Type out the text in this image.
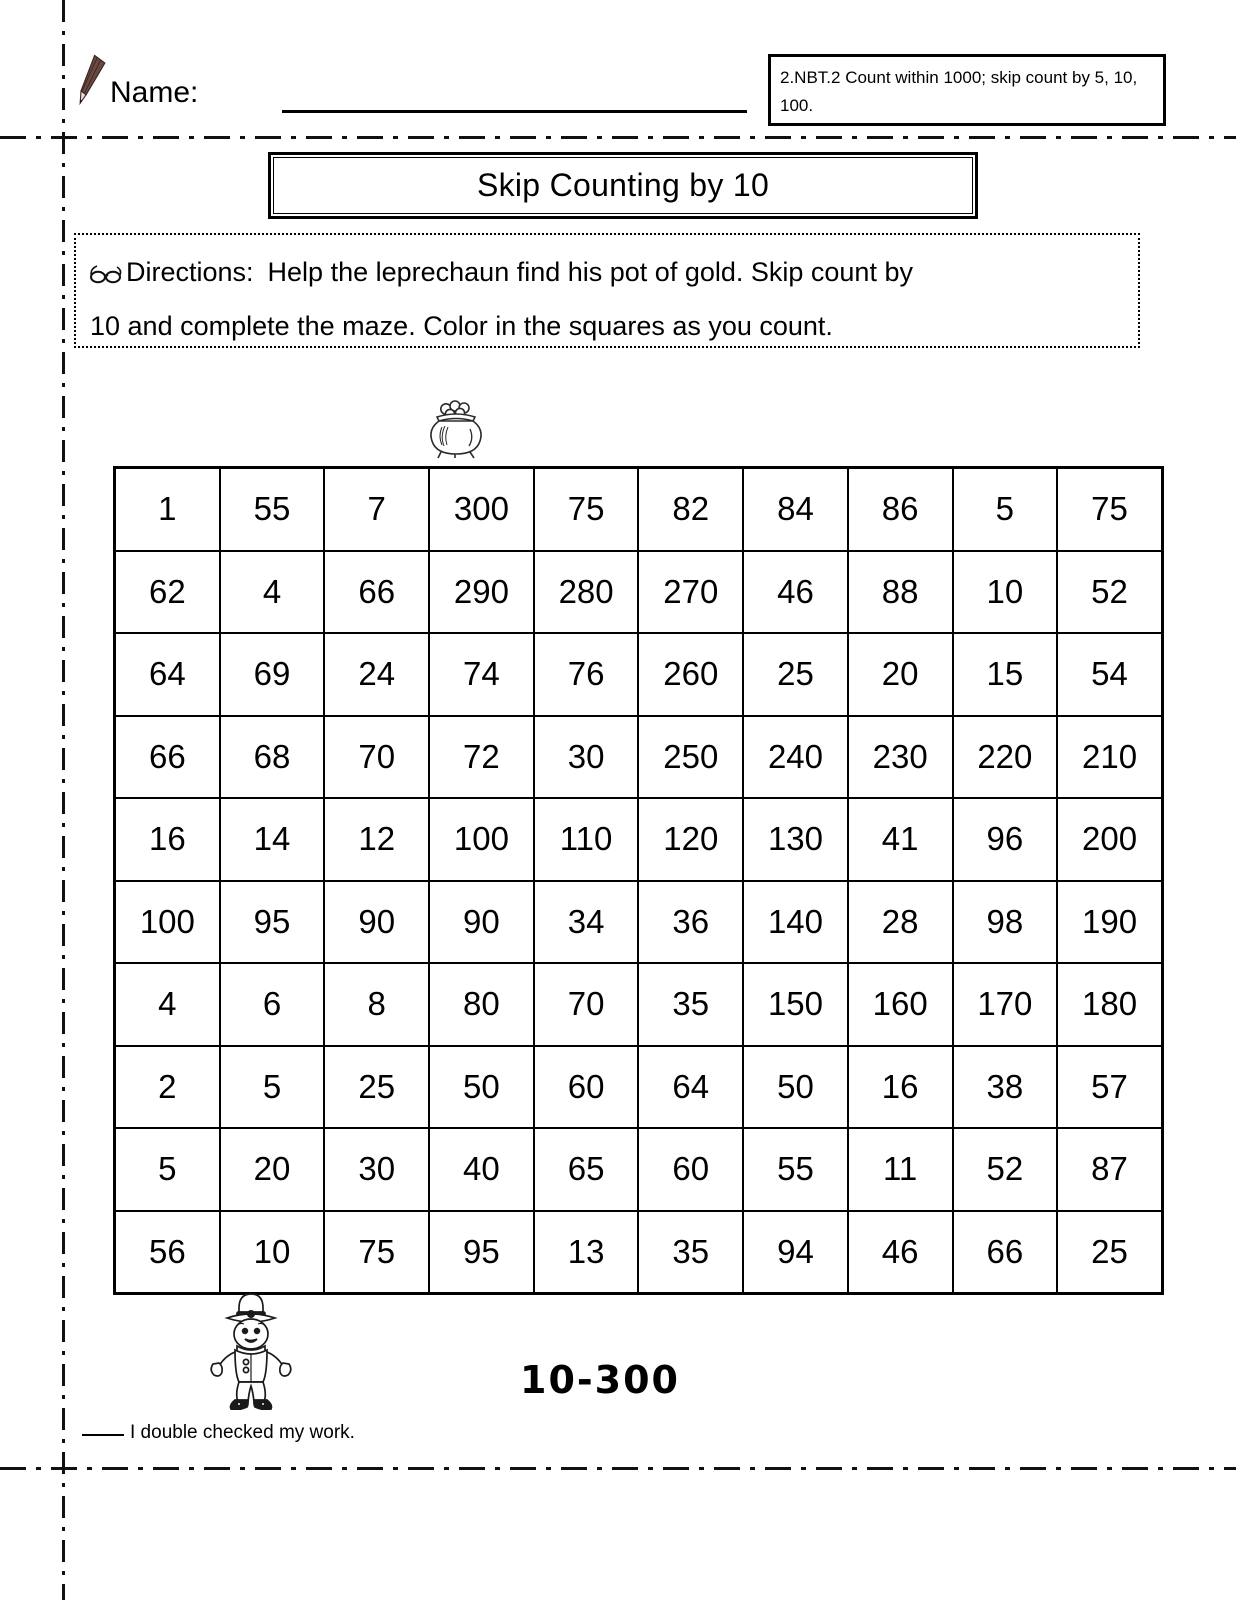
Name:	2.NBT.2 Count within 1000; skip count by 5, 10, 100.
Skip Counting by 10
Directions: Help the leprechaun find his pot of gold. Skip count by
10 and complete the maze. Color in the squares as you count.
1	55	7	300	75	82	84	86	5	75
62	4	66	290	280	270	46	88	10	52
64	69	24	74	76	260	25	20	15	54
66	68	70	72	30	250	240	230	220	210
16	14	12	100	110	120	130	41	96	200
100	95	90	90	34	36	140	28	98	190
4	6	8	80	70	35	150	160	170	180
2	5	25	50	60	64	50	16	38	57
5	20	30	40	65	60	55	11	52	87
56	10	75	95	13	35	94	46	66	25
10-300
I double checked my work.
